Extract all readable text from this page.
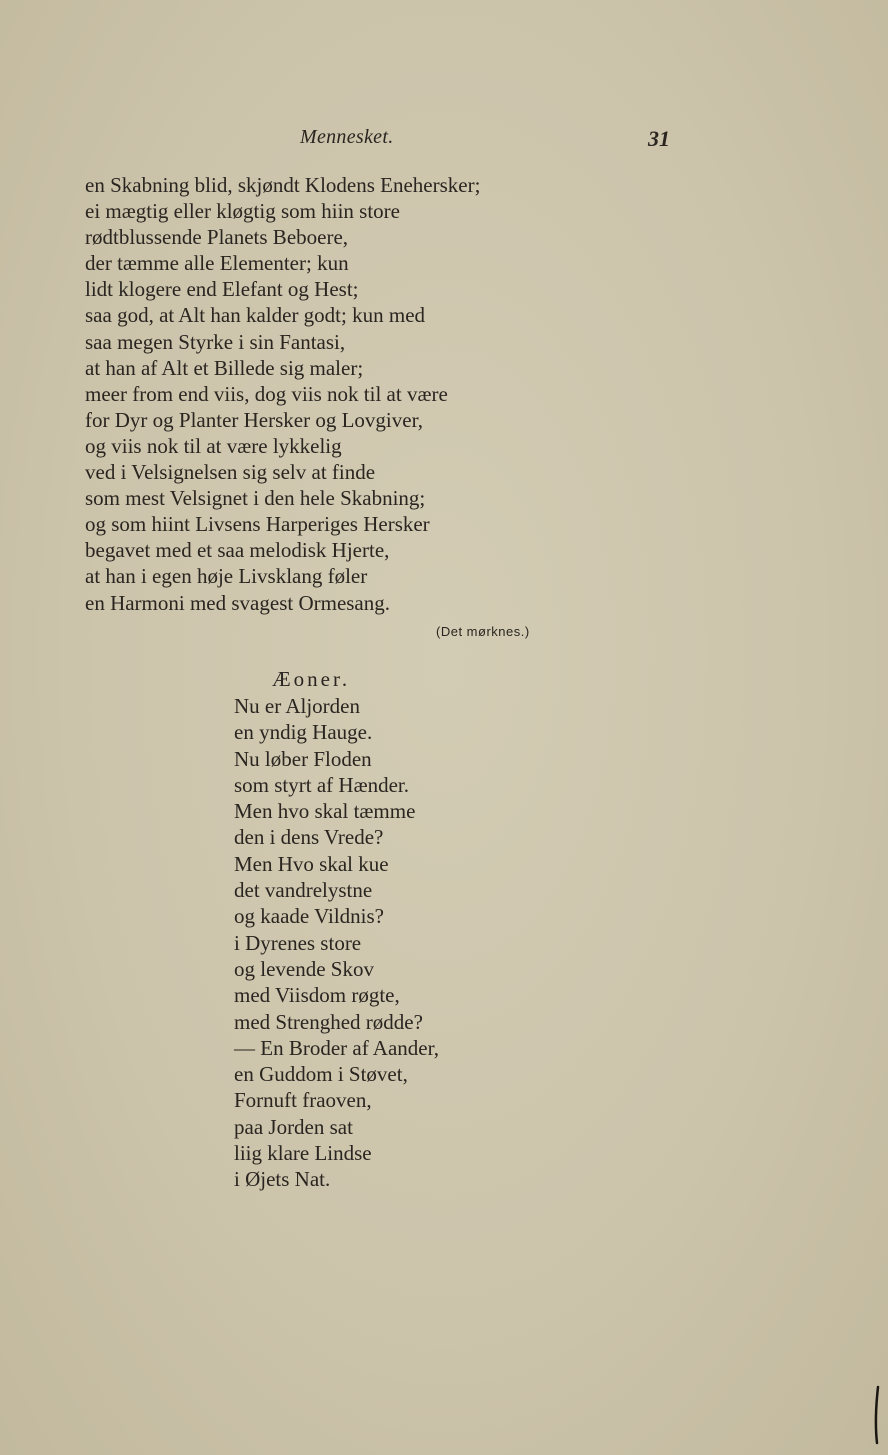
Mennesket.	31
en Skabning blid, skjøndt Klodens Enehersker;
ei mægtig eller kløgtig som hiin store
rødtblussende Planets Beboere,
der tæmme alle Elementer; kun
lidt klogere end Elefant og Hest;
saa god, at Alt han kalder godt; kun med
saa megen Styrke i sin Fantasi,
at han af Alt et Billede sig maler;
meer from end viis, dog viis nok til at være
for Dyr og Planter Hersker og Lovgiver,
og viis nok til at være lykkelig
ved i Velsignelsen sig selv at finde
som mest Velsignet i den hele Skabning;
og som hiint Livsens Harperiges Hersker
begavet med et saa melodisk Hjerte,
at han i egen høje Livsklang føler
en Harmoni med svagest Ormesang.
(Det mørknes.)
Æoner.
Nu er Aljorden
en yndig Hauge.
Nu løber Floden
som styrt af Hænder.
Men hvo skal tæmme
den i dens Vrede?
Men Hvo skal kue
det vandrelystne
og kaade Vildnis?
i Dyrenes store
og levende Skov
med Viisdom røgte,
med Strenghed rødde?
— En Broder af Aander,
en Guddom i Støvet,
Fornuft fraoven,
paa Jorden sat
liig klare Lindse
i Øjets Nat.
